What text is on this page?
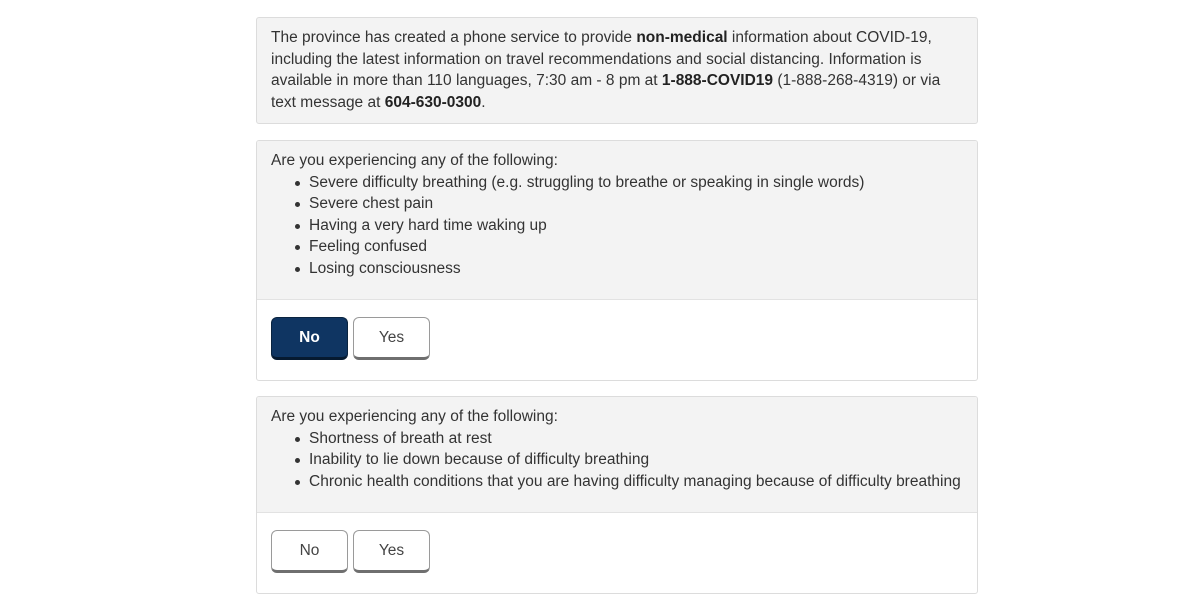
The province has created a phone service to provide non-medical information about COVID-19, including the latest information on travel recommendations and social distancing. Information is available in more than 110 languages, 7:30 am - 8 pm at 1-888-COVID19 (1-888-268-4319) or via text message at 604-630-0300.
Are you experiencing any of the following:
Severe difficulty breathing (e.g. struggling to breathe or speaking in single words)
Severe chest pain
Having a very hard time waking up
Feeling confused
Losing consciousness
No	Yes
Are you experiencing any of the following:
Shortness of breath at rest
Inability to lie down because of difficulty breathing
Chronic health conditions that you are having difficulty managing because of difficulty breathing
No	Yes
